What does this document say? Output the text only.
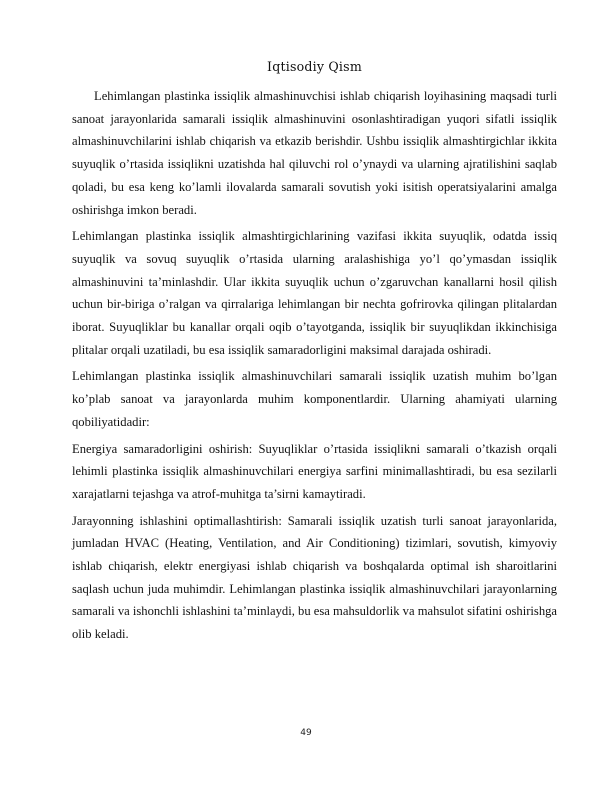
Iqtisodiy Qism

Lehimlangan plastinka issiqlik almashinuvchisi ishlab chiqarish loyihasining maqsadi turli sanoat jarayonlarida samarali issiqlik almashinuvini osonlashtiradigan yuqori sifatli issiqlik almashinuvchilarini ishlab chiqarish va etkazib berishdir. Ushbu issiqlik almashtirgichlar ikkita suyuqlik o’rtasida issiqlikni uzatishda hal qiluvchi rol o’ynaydi va ularning ajratilishini saqlab qoladi, bu esa keng ko’lamli ilovalarda samarali sovutish yoki isitish operatsiyalarini amalga oshirishga imkon beradi.

Lehimlangan plastinka issiqlik almashtirgichlarining vazifasi ikkita suyuqlik, odatda issiq suyuqlik va sovuq suyuqlik o’rtasida ularning aralashishiga yo’l qo’ymasdan issiqlik almashinuvini ta’minlashdir. Ular ikkita suyuqlik uchun o’zgaruvchan kanallarni hosil qilish uchun bir-biriga o’ralgan va qirralariga lehimlangan bir nechta gofrirovka qilingan plitalardan iborat. Suyuqliklar bu kanallar orqali oqib o’tayotganda, issiqlik bir suyuqlikdan ikkinchisiga plitalar orqali uzatiladi, bu esa issiqlik samaradorligini maksimal darajada oshiradi.

Lehimlangan plastinka issiqlik almashinuvchilari samarali issiqlik uzatish muhim bo’lgan ko’plab sanoat va jarayonlarda muhim komponentlardir. Ularning ahamiyati ularning qobiliyatidadir:

Energiya samaradorligini oshirish: Suyuqliklar o’rtasida issiqlikni samarali o’tkazish orqali lehimli plastinka issiqlik almashinuvchilari energiya sarfini minimallashtiradi, bu esa sezilarli xarajatlarni tejashga va atrof-muhitga ta’sirni kamaytiradi.

Jarayonning ishlashini optimallashtirish: Samarali issiqlik uzatish turli sanoat jarayonlarida, jumladan HVAC (Heating, Ventilation, and Air Conditioning) tizimlari, sovutish, kimyoviy ishlab chiqarish, elektr energiyasi ishlab chiqarish va boshqalarda optimal ish sharoitlarini saqlash uchun juda muhimdir. Lehimlangan plastinka issiqlik almashinuvchilari jarayonlarning samarali va ishonchli ishlashini ta’minlaydi, bu esa mahsuldorlik va mahsulot sifatini oshirishga olib keladi.

49
